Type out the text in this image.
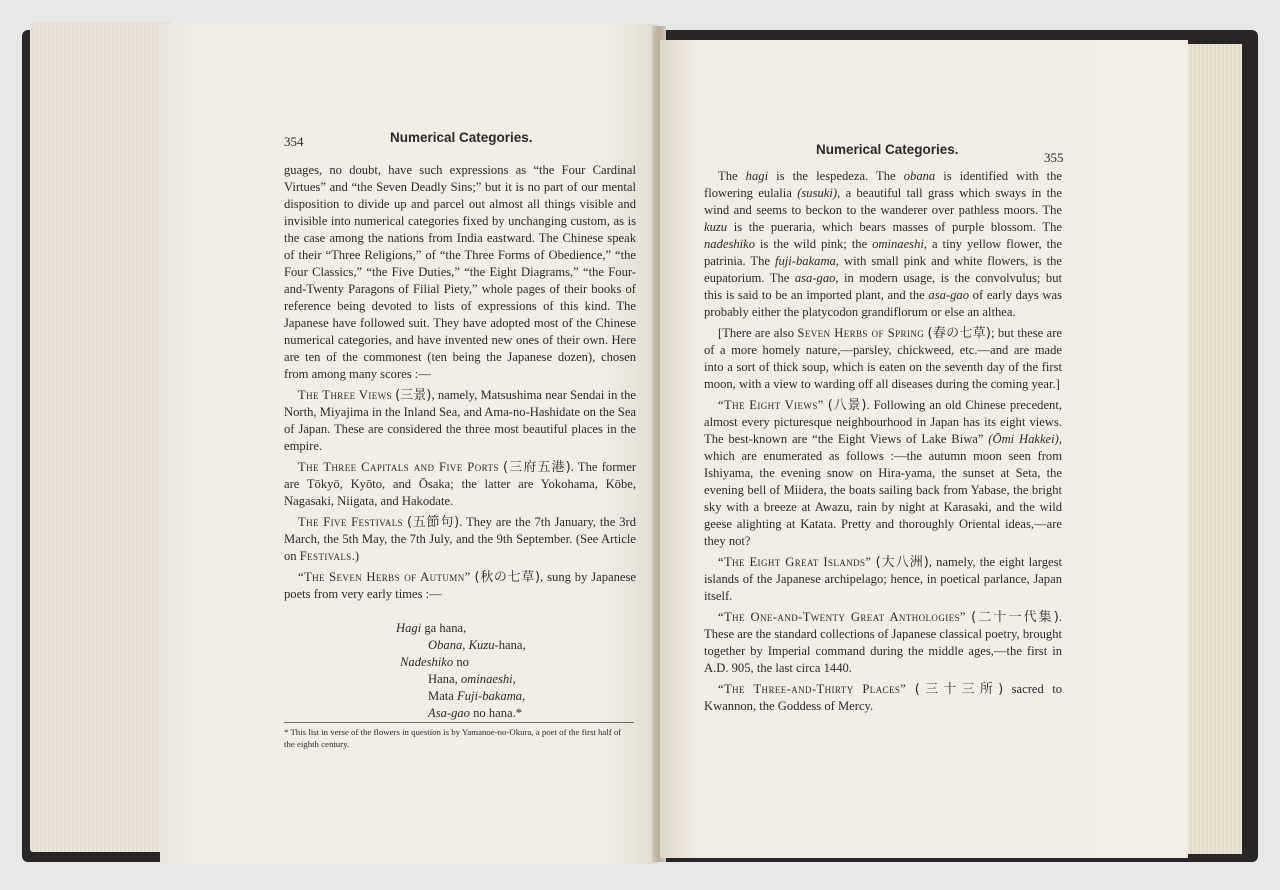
354	Numerical Categories.

guages, no doubt, have such expressions as “the Four Cardinal Virtues” and “the Seven Deadly Sins;” but it is no part of our mental disposition to divide up and parcel out almost all things visible and invisible into numerical categories fixed by unchanging custom, as is the case among the nations from India eastward. The Chinese speak of their “Three Religions,” of “the Three Forms of Obedience,” “the Four Classics,” “the Five Duties,” “the Eight Diagrams,” “the Four-and-Twenty Paragons of Filial Piety,” whole pages of their books of reference being devoted to lists of expressions of this kind. The Japanese have followed suit. They have adopted most of the Chinese numerical categories, and have invented new ones of their own. Here are ten of the commonest (ten being the Japanese dozen), chosen from among many scores :—

The Three Views (三景), namely, Matsushima near Sendai in the North, Miyajima in the Inland Sea, and Ama-no-Hashidate on the Sea of Japan. These are considered the three most beautiful places in the empire.

The Three Capitals and Five Ports (三府五港). The former are Tōkyō, Kyōto, and Ōsaka; the latter are Yokohama, Kōbe, Nagasaki, Niigata, and Hakodate.

The Five Festivals (五節句). They are the 7th January, the 3rd March, the 5th May, the 7th July, and the 9th September. (See Article on Festivals.)

“The Seven Herbs of Autumn” (秋の七草), sung by Japanese poets from very early times :—

Hagi ga hana,
Obana, Kuzu-hana,
Nadeshiko no
Hana, ominaeshi,
Mata Fuji-bakama,
Asa-gao no hana.*
* This list in verse of the flowers in question is by Yamanoe-no-Okura, a poet of the first half of the eighth century.
Numerical Categories.
355

The hagi is the lespedeza. The obana is identified with the flowering eulalia (susuki), a beautiful tall grass which sways in the wind and seems to beckon to the wanderer over pathless moors. The kuzu is the pueraria, which bears masses of purple blossom. The nadeshiko is the wild pink; the ominaeshi, a tiny yellow flower, the patrinia. The fuji-bakama, with small pink and white flowers, is the eupatorium. The asa-gao, in modern usage, is the convolvulus; but this is said to be an imported plant, and the asa-gao of early days was probably either the platycodon grandiflorum or else an althea.

[There are also Seven Herbs of Spring (春の七草); but these are of a more homely nature,—parsley, chickweed, etc.—and are made into a sort of thick soup, which is eaten on the seventh day of the first moon, with a view to warding off all diseases during the coming year.]

“The Eight Views” (八景). Following an old Chinese precedent, almost every picturesque neighbourhood in Japan has its eight views. The best-known are “the Eight Views of Lake Biwa” (Ōmi Hakkei), which are enumerated as follows :—the autumn moon seen from Ishiyama, the evening snow on Hira-yama, the sunset at Seta, the evening bell of Miidera, the boats sailing back from Yabase, the bright sky with a breeze at Awazu, rain by night at Karasaki, and the wild geese alighting at Katata. Pretty and thoroughly Oriental ideas,—are they not?

“The Eight Great Islands” (大八洲), namely, the eight largest islands of the Japanese archipelago; hence, in poetical parlance, Japan itself.

“The One-and-Twenty Great Anthologies” (二十一代集). These are the standard collections of Japanese classical poetry, brought together by Imperial command during the middle ages,—the first in A.D. 905, the last circa 1440.

“The Three-and-Thirty Places” (三十三所) sacred to Kwannon, the Goddess of Mercy.
